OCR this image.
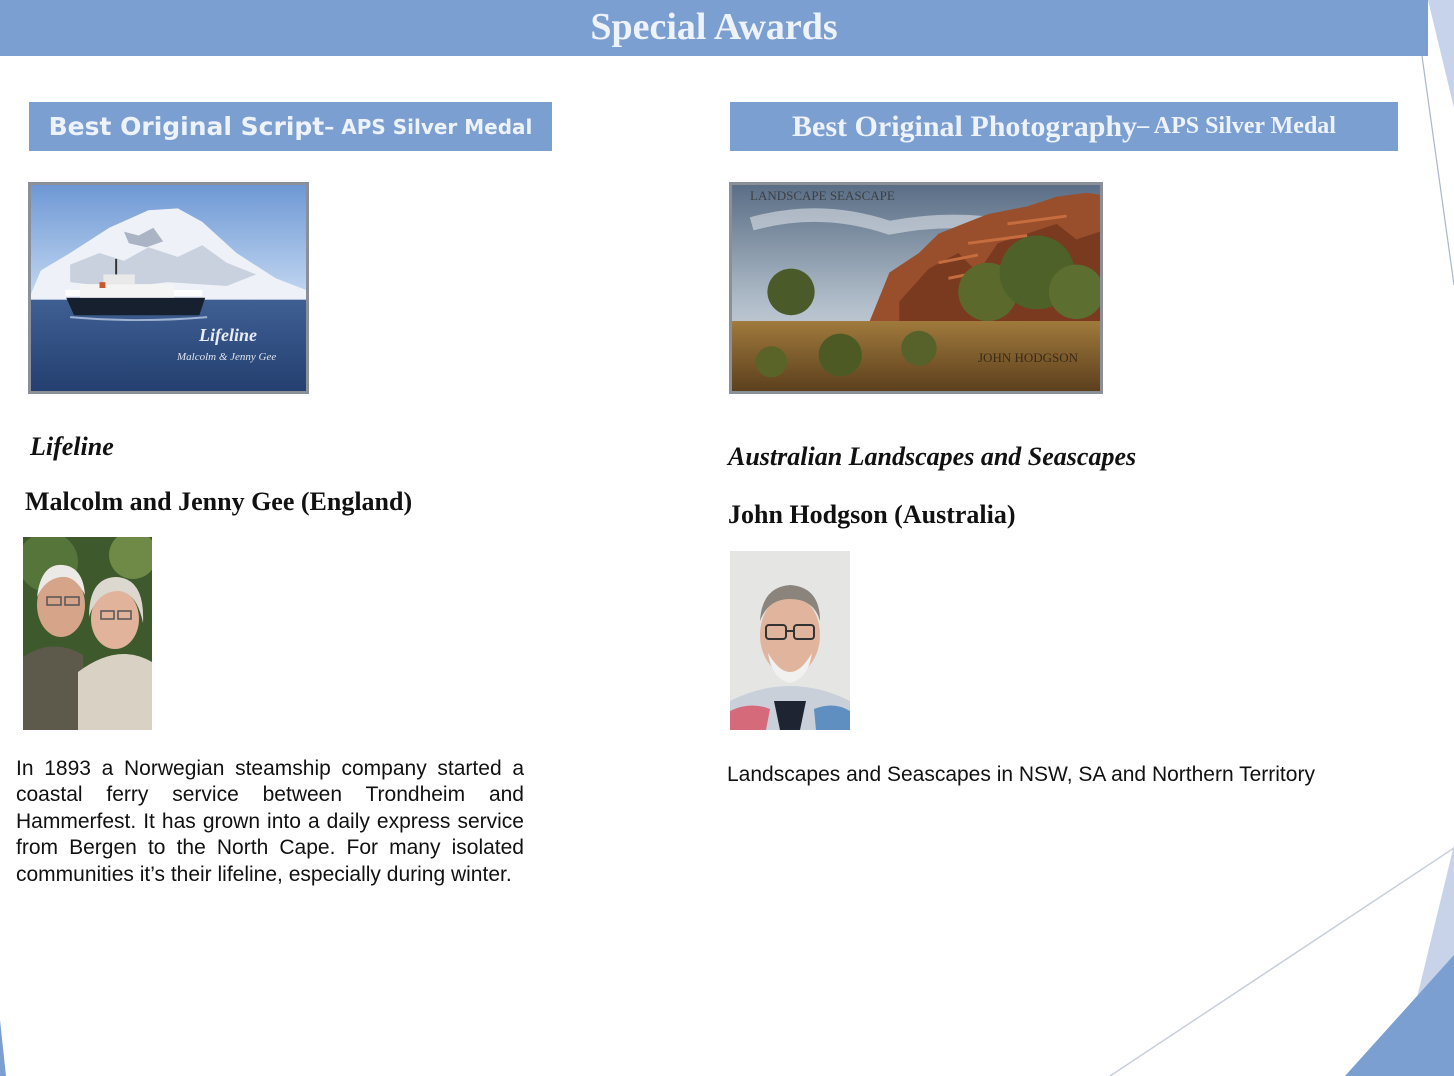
Special Awards
Best Original Script – APS Silver Medal
Lifeline
Malcolm & Jenny Gee
Lifeline
Malcolm and Jenny Gee (England)

In 1893 a Norwegian steamship company started a coastal ferry service between Trondheim and Hammerfest. It has grown into a daily express service from Bergen to the North Cape. For many isolated communities it’s their lifeline, especially during winter.

Best Original Photography – APS Silver Medal
LANDSCAPE SEASCAPE
JOHN HODGSON
Australian Landscapes and Seascapes
John Hodgson (Australia)

Landscapes and Seascapes in NSW, SA and Northern Territory
